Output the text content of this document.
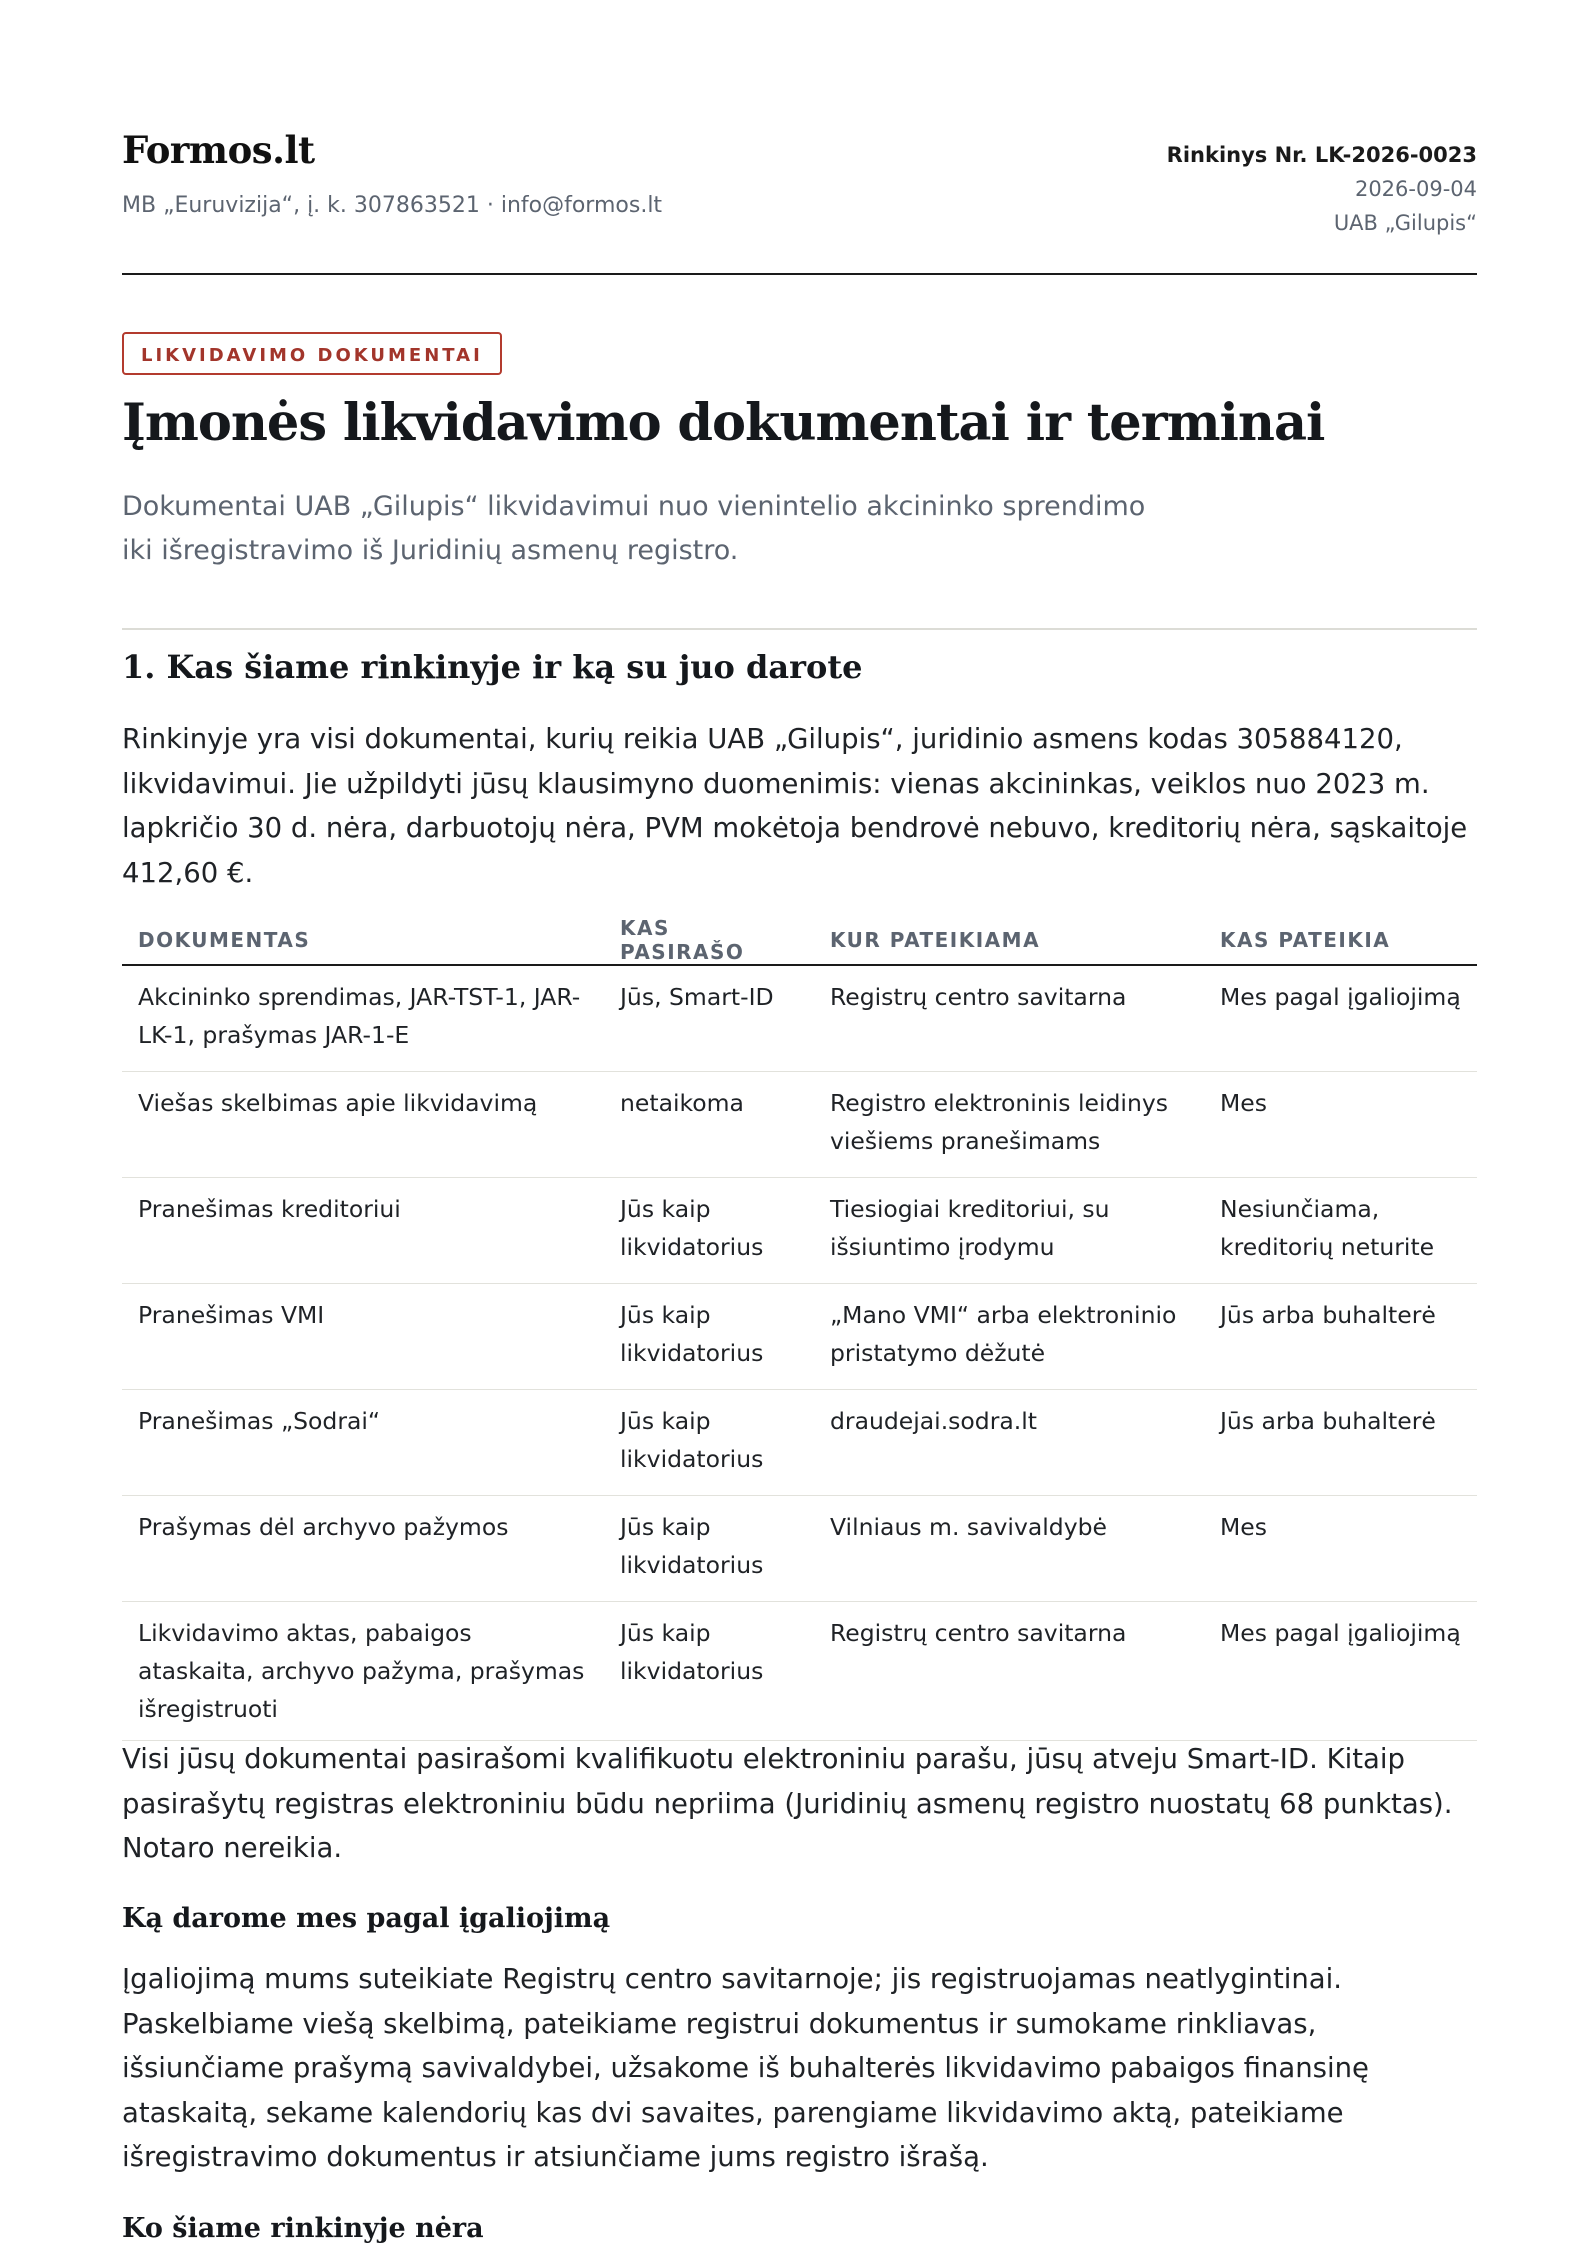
Formos.lt
MB „Euruvizija“, į. k. 307863521 · info@formos.lt
Rinkinys Nr. LK-2026-0023
2026-09-04
UAB „Gilupis“
LIKVIDAVIMO DOKUMENTAI
Įmonės likvidavimo dokumentai ir terminai

Dokumentai UAB „Gilupis“ likvidavimui nuo vienintelio akcininko sprendimo iki išregistravimo iš Juridinių asmenų registro.

1. Kas šiame rinkinyje ir ką su juo darote

Rinkinyje yra visi dokumentai, kurių reikia UAB „Gilupis“, juridinio asmens kodas 305884120, likvidavimui. Jie užpildyti jūsų klausimyno duomenimis: vienas akcininkas, veiklos nuo 2023 m. lapkričio 30 d. nėra, darbuotojų nėra, PVM mokėtoja bendrovė nebuvo, kreditorių nėra, sąskaitoje 412,60 €.

DOKUMENTAS	KAS PASIRAŠO	KUR PATEIKIAMA	KAS PATEIKIA
Akcininko sprendimas, JAR-TST-1, JAR-LK-1, prašymas JAR-1-E	Jūs, Smart-ID	Registrų centro savitarna	Mes pagal įgaliojimą
Viešas skelbimas apie likvidavimą	netaikoma	Registro elektroninis leidinys viešiems pranešimams	Mes
Pranešimas kreditoriui	Jūs kaip likvidatorius	Tiesiogiai kreditoriui, su išsiuntimo įrodymu	Nesiunčiama, kreditorių neturite
Pranešimas VMI	Jūs kaip likvidatorius	„Mano VMI“ arba elektroninio pristatymo dėžutė	Jūs arba buhalterė
Pranešimas „Sodrai“	Jūs kaip likvidatorius	draudejai.sodra.lt	Jūs arba buhalterė
Prašymas dėl archyvo pažymos	Jūs kaip likvidatorius	Vilniaus m. savivaldybė	Mes
Likvidavimo aktas, pabaigos ataskaita, archyvo pažyma, prašymas išregistruoti	Jūs kaip likvidatorius	Registrų centro savitarna	Mes pagal įgaliojimą

Visi jūsų dokumentai pasirašomi kvalifikuotu elektroniniu parašu, jūsų atveju Smart-ID. Kitaip pasirašytų registras elektroniniu būdu nepriima (Juridinių asmenų registro nuostatų 68 punktas). Notaro nereikia.

Ką darome mes pagal įgaliojimą

Įgaliojimą mums suteikiate Registrų centro savitarnoje; jis registruojamas neatlygintinai. Paskelbiame viešą skelbimą, pateikiame registrui dokumentus ir sumokame rinkliavas, išsiunčiame prašymą savivaldybei, užsakome iš buhalterės likvidavimo pabaigos finansinę ataskaitą, sekame kalendorių kas dvi savaites, parengiame likvidavimo aktą, pateikiame išregistravimo dokumentus ir atsiunčiame jums registro išrašą.

Ko šiame rinkinyje nėra
